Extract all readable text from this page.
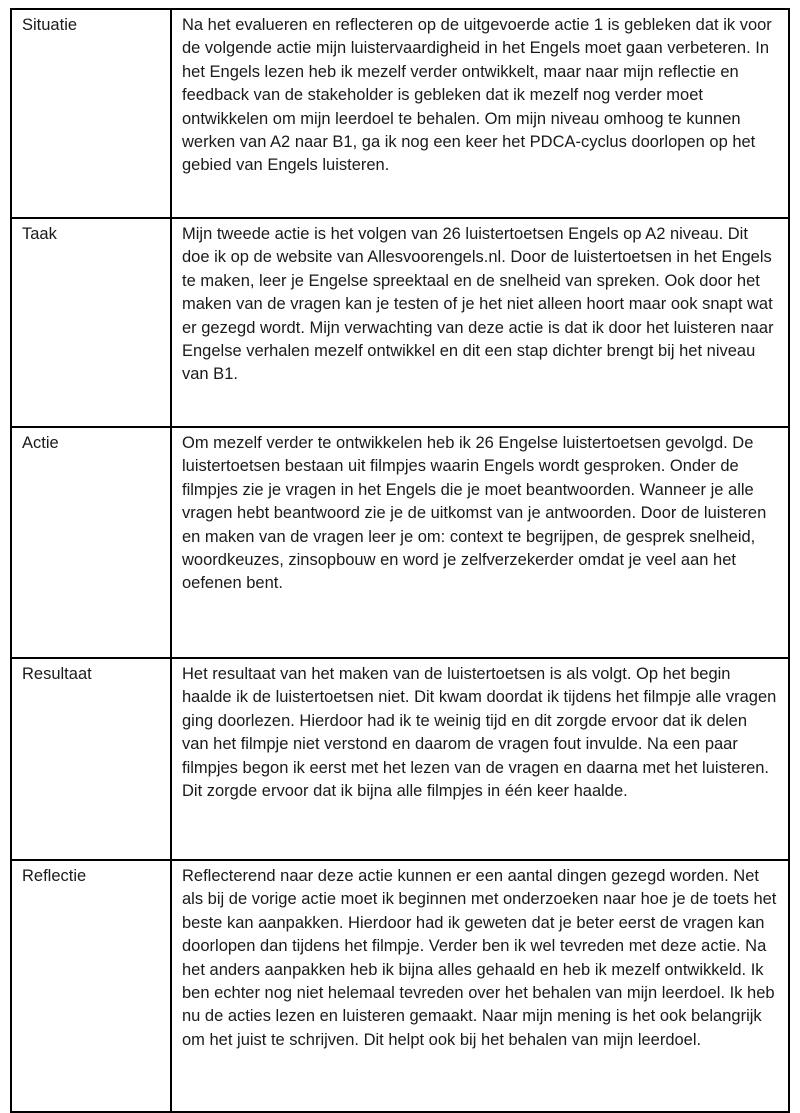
Situatie	Na het evalueren en reflecteren op de uitgevoerde actie 1 is gebleken dat ik voor de volgende actie mijn luistervaardigheid in het Engels moet gaan verbeteren. In het Engels lezen heb ik mezelf verder ontwikkelt, maar naar mijn reflectie en feedback van de stakeholder is gebleken dat ik mezelf nog verder moet ontwikkelen om mijn leerdoel te behalen. Om mijn niveau omhoog te kunnen werken van A2 naar B1, ga ik nog een keer het PDCA-cyclus doorlopen op het gebied van Engels luisteren.
Taak	Mijn tweede actie is het volgen van 26 luistertoetsen Engels op A2 niveau. Dit doe ik op de website van Allesvoorengels.nl. Door de luistertoetsen in het Engels te maken, leer je Engelse spreektaal en de snelheid van spreken. Ook door het maken van de vragen kan je testen of je het niet alleen hoort maar ook snapt wat er gezegd wordt. Mijn verwachting van deze actie is dat ik door het luisteren naar Engelse verhalen mezelf ontwikkel en dit een stap dichter brengt bij het niveau van B1.
Actie	Om mezelf verder te ontwikkelen heb ik 26 Engelse luistertoetsen gevolgd. De luistertoetsen bestaan uit filmpjes waarin Engels wordt gesproken. Onder de filmpjes zie je vragen in het Engels die je moet beantwoorden. Wanneer je alle vragen hebt beantwoord zie je de uitkomst van je antwoorden. Door de luisteren en maken van de vragen leer je om: context te begrijpen, de gesprek snelheid, woordkeuzes, zinsopbouw en word je zelfverzekerder omdat je veel aan het oefenen bent.
Resultaat	Het resultaat van het maken van de luistertoetsen is als volgt. Op het begin haalde ik de luistertoetsen niet. Dit kwam doordat ik tijdens het filmpje alle vragen ging doorlezen. Hierdoor had ik te weinig tijd en dit zorgde ervoor dat ik delen van het filmpje niet verstond en daarom de vragen fout invulde. Na een paar filmpjes begon ik eerst met het lezen van de vragen en daarna met het luisteren. Dit zorgde ervoor dat ik bijna alle filmpjes in één keer haalde.
Reflectie	Reflecterend naar deze actie kunnen er een aantal dingen gezegd worden. Net als bij de vorige actie moet ik beginnen met onderzoeken naar hoe je de toets het beste kan aanpakken. Hierdoor had ik geweten dat je beter eerst de vragen kan doorlopen dan tijdens het filmpje. Verder ben ik wel tevreden met deze actie. Na het anders aanpakken heb ik bijna alles gehaald en heb ik mezelf ontwikkeld. Ik ben echter nog niet helemaal tevreden over het behalen van mijn leerdoel. Ik heb nu de acties lezen en luisteren gemaakt. Naar mijn mening is het ook belangrijk om het juist te schrijven. Dit helpt ook bij het behalen van mijn leerdoel.
